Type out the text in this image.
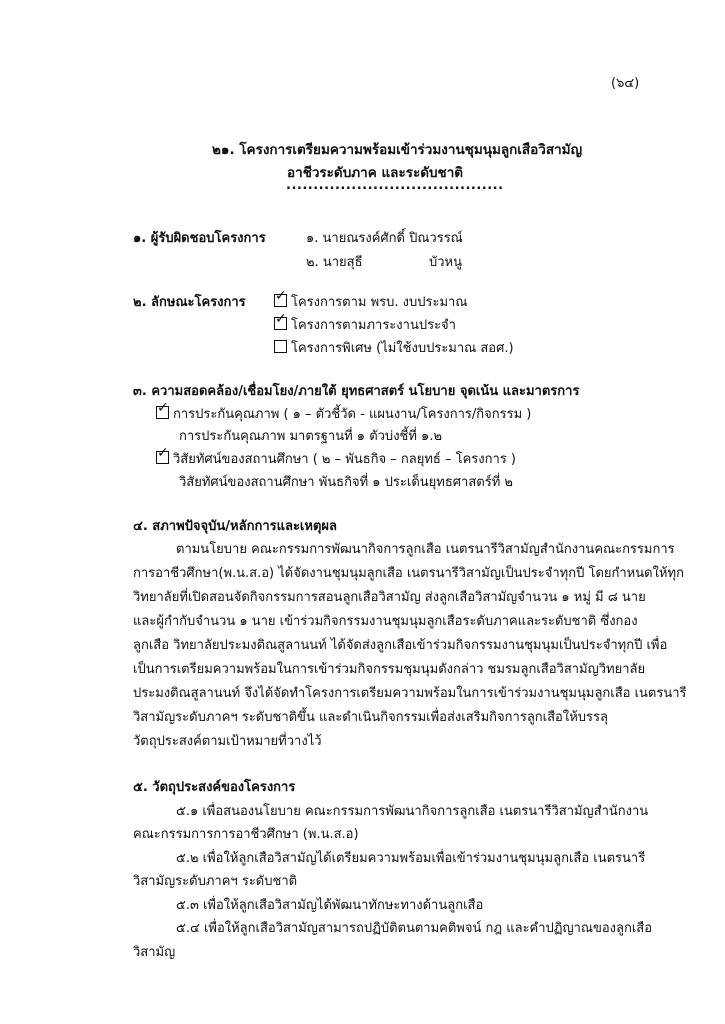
(๖๔)
๒๑. โครงการเตรียมความพร้อมเข้าร่วมงานชุมนุมลูกเสือวิสามัญ
อาชีวระดับภาค และระดับชาติ
........................................
๑. ผู้รับผิดชอบโครงการ	๑. นายณรงค์ศักดิ์ ปิณวรรณ์
๒. นายสุธี	บัวหนู
๒. ลักษณะโครงการ
✓	โครงการตาม พรบ. งบประมาณ
✓โครงการตามภาระงานประจำ
โครงการพิเศษ (ไม่ใช้งบประมาณ สอศ.)
๓. ความสอดคล้อง/เชื่อมโยง/ภายใต้ ยุทธศาสตร์ นโยบาย จุดเน้น และมาตรการ
✓การประกันคุณภาพ ( ๑ – ตัวชี้วัด - แผนงาน/โครงการ/กิจกรรม )
การประกันคุณภาพ มาตรฐานที่ ๑ ตัวบ่งชี้ที่ ๑.๒
✓วิสัยทัศน์ของสถานศึกษา ( ๒ – พันธกิจ – กลยุทธ์ – โครงการ )
วิสัยทัศน์ของสถานศึกษา พันธกิจที่ ๑ ประเด็นยุทธศาสตร์ที่ ๒
๔. สภาพปัจจุบัน/หลักการและเหตุผล
ตามนโยบาย คณะกรรมการพัฒนากิจการลูกเสือ เนตรนารีวิสามัญสำนักงานคณะกรรมการ
การอาชีวศึกษา(พ.น.ส.อ) ได้จัดงานชุมนุมลูกเสือ เนตรนารีวิสามัญเป็นประจำทุกปี โดยกำหนดให้ทุก
วิทยาลัยที่เปิดสอนจัดกิจกรรมการสอนลูกเสือวิสามัญ ส่งลูกเสือวิสามัญจำนวน ๑ หมู่ มี ๘ นาย
และผู้กำกับจำนวน ๑ นาย เข้าร่วมกิจกรรมงานชุมนุมลูกเสือระดับภาคและระดับชาติ ซึ่งกอง
ลูกเสือ วิทยาลัยประมงติณสูลานนท์ ได้จัดส่งลูกเสือเข้าร่วมกิจกรรมงานชุมนุมเป็นประจำทุกปี เพื่อ
เป็นการเตรียมความพร้อมในการเข้าร่วมกิจกรรมชุมนุมดังกล่าว ชมรมลูกเสือวิสามัญวิทยาลัย
ประมงติณสูลานนท์ จึงได้จัดทำโครงการเตรียมความพร้อมในการเข้าร่วมงานชุมนุมลูกเสือ เนตรนารี
วิสามัญระดับภาคฯ ระดับชาติขึ้น และดำเนินกิจกรรมเพื่อส่งเสริมกิจการลูกเสือให้บรรลุ
วัตถุประสงค์ตามเป้าหมายที่วางไว้
๕. วัตถุประสงค์ของโครงการ
๕.๑ เพื่อสนองนโยบาย คณะกรรมการพัฒนากิจการลูกเสือ เนตรนารีวิสามัญสำนักงาน
คณะกรรมการการอาชีวศึกษา (พ.น.ส.อ)
๕.๒ เพื่อให้ลูกเสือวิสามัญได้เตรียมความพร้อมเพื่อเข้าร่วมงานชุมนุมลูกเสือ เนตรนารี
วิสามัญระดับภาคฯ ระดับชาติ
๕.๓ เพื่อให้ลูกเสือวิสามัญได้พัฒนาทักษะทางด้านลูกเสือ
๕.๔ เพื่อให้ลูกเสือวิสามัญสามารถปฏิบัติตนตามคติพจน์ กฎ และคำปฏิญาณของลูกเสือ
วิสามัญ
